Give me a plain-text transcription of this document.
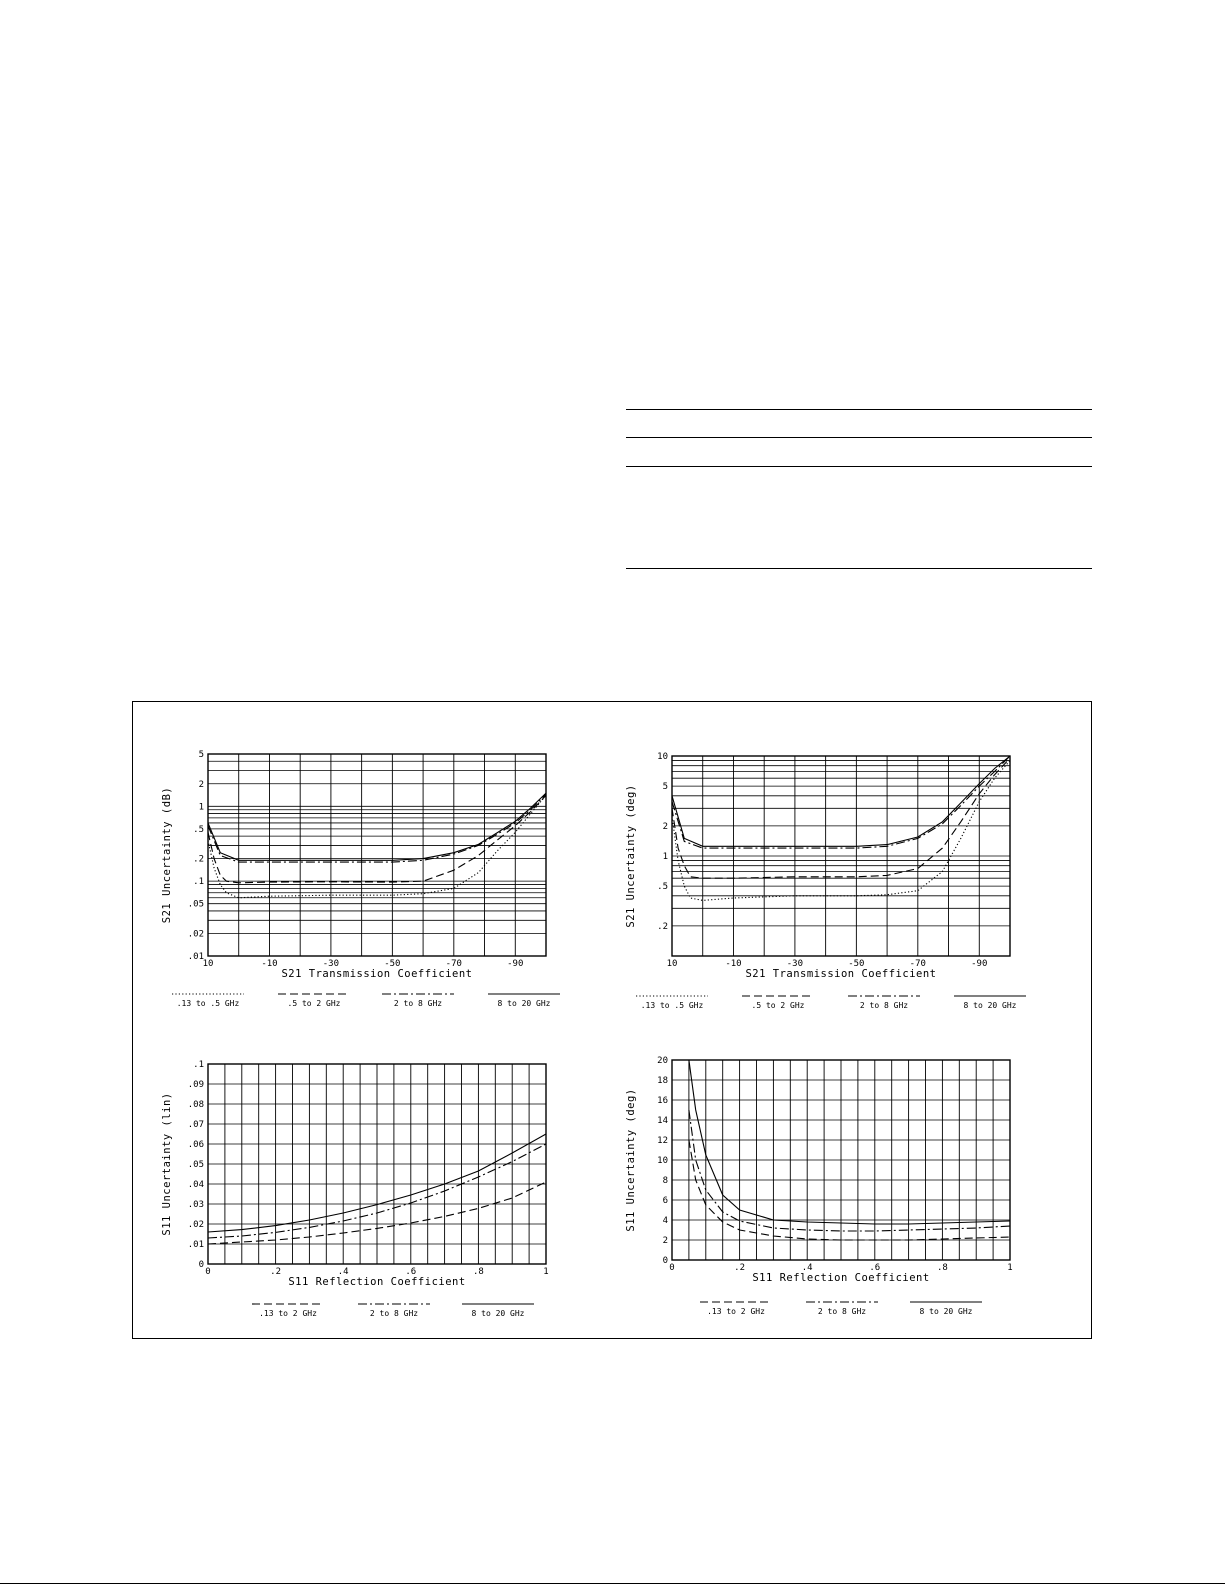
.01
.02
.05
.1
.2
.5
1
2
5
10	-10	-30	-50	-70	-90
S21 Transmission Coefficient
S21 Uncertainty (dB)
.13 to .5 GHz	.5 to 2 GHz	2 to 8 GHz	8 to 20 GHz
.2
.5
1
2
5
10
10	-10	-30	-50	-70	-90
S21 Transmission Coefficient
S21 Uncertainty (deg)
.13 to .5 GHz	.5 to 2 GHz	2 to 8 GHz	8 to 20 GHz
0
.01
.02
.03
.04
.05
.06
.07
.08
.09
.1
0	.2	.4	.6	.8	1
S11 Reflection Coefficient
S11 Uncertainty (lin)
.13 to 2 GHz	2 to 8 GHz	8 to 20 GHz
0
2
4
6
8
10
12
14
16
18
20
0	.2	.4	.6	.8	1
S11 Reflection Coefficient
S11 Uncertainty (deg)
.13 to 2 GHz	2 to 8 GHz	8 to 20 GHz
